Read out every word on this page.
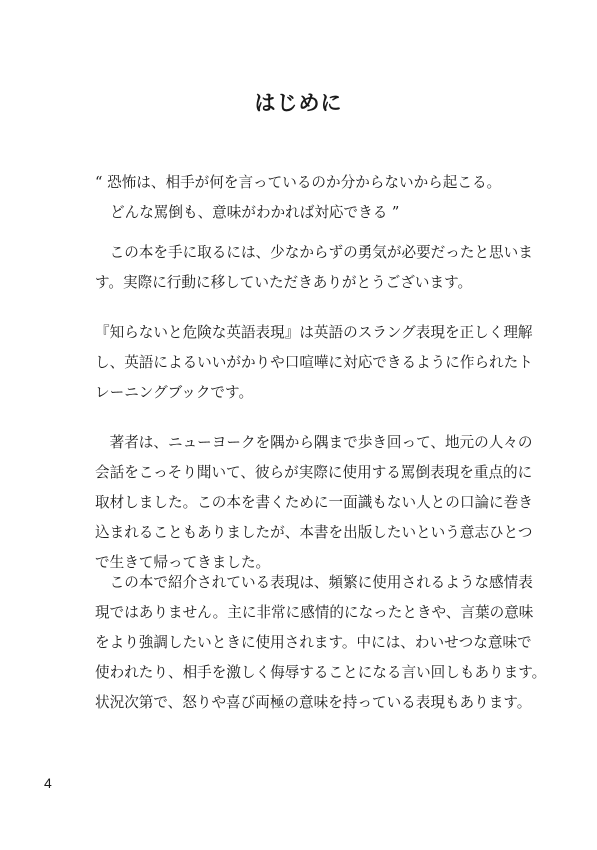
はじめに
“ 恐怖は、相手が何を言っているのか分からないから起こる。
どんな罵倒も、意味がわかれば対応できる ”
　この本を手に取るには、少なからずの勇気が必要だったと思いま
す。実際に行動に移していただきありがとうございます。
『知らないと危険な英語表現』は英語のスラング表現を正しく理解
し、英語によるいいがかりや口喧嘩に対応できるように作られたト
レーニングブックです。
　著者は、ニューヨークを隅から隅まで歩き回って、地元の人々の
会話をこっそり聞いて、彼らが実際に使用する罵倒表現を重点的に
取材しました。この本を書くために一面識もない人との口論に巻き
込まれることもありましたが、本書を出版したいという意志ひとつ
で生きて帰ってきました。
　この本で紹介されている表現は、頻繁に使用されるような感情表
現ではありません。主に非常に感情的になったときや、言葉の意味
をより強調したいときに使用されます。中には、わいせつな意味で
使われたり、相手を激しく侮辱することになる言い回しもあります。
状況次第で、怒りや喜び両極の意味を持っている表現もあります。
4
